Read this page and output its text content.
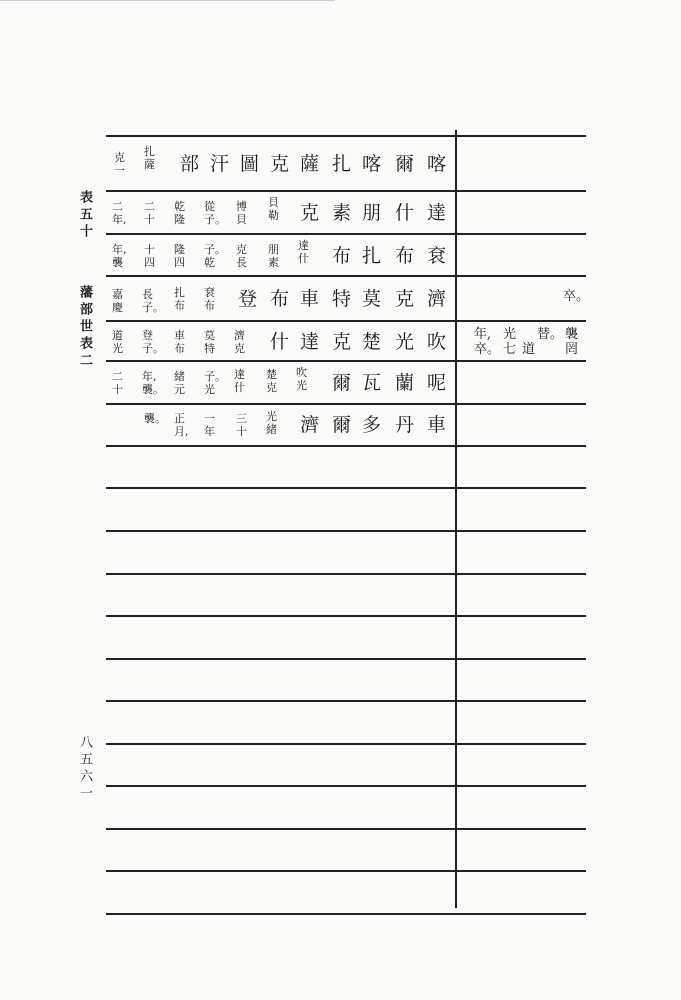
表五十
藩部世表二
八五六一
克
一
扎
薩 部 汗 圖 克 薩 扎 喀 爾 喀
二
年,
二
十
乾
隆
從
子。
博
貝
貝
勒 克 素 朋 什 達
年,
襲
十
四
隆
四
子。
乾
克
長
朋
素
達
什 布 扎 布 袞
嘉
慶
長
子。
扎
布
袞
布 登 布 車 特 莫 克 濟
道
光
登
子。
車
布
莫
特
濟
克 什 達 克 楚 光 吹
二
十
年,
襲。
緒
元
子。
光
達
什
楚
克
吹
光 爾 瓦 蘭 呢
襲。 正
月,
一
年
三
十
光
緒 濟 爾 多 丹 車
卒。
年,
卒。
光
七 道
替。 襲
罔
